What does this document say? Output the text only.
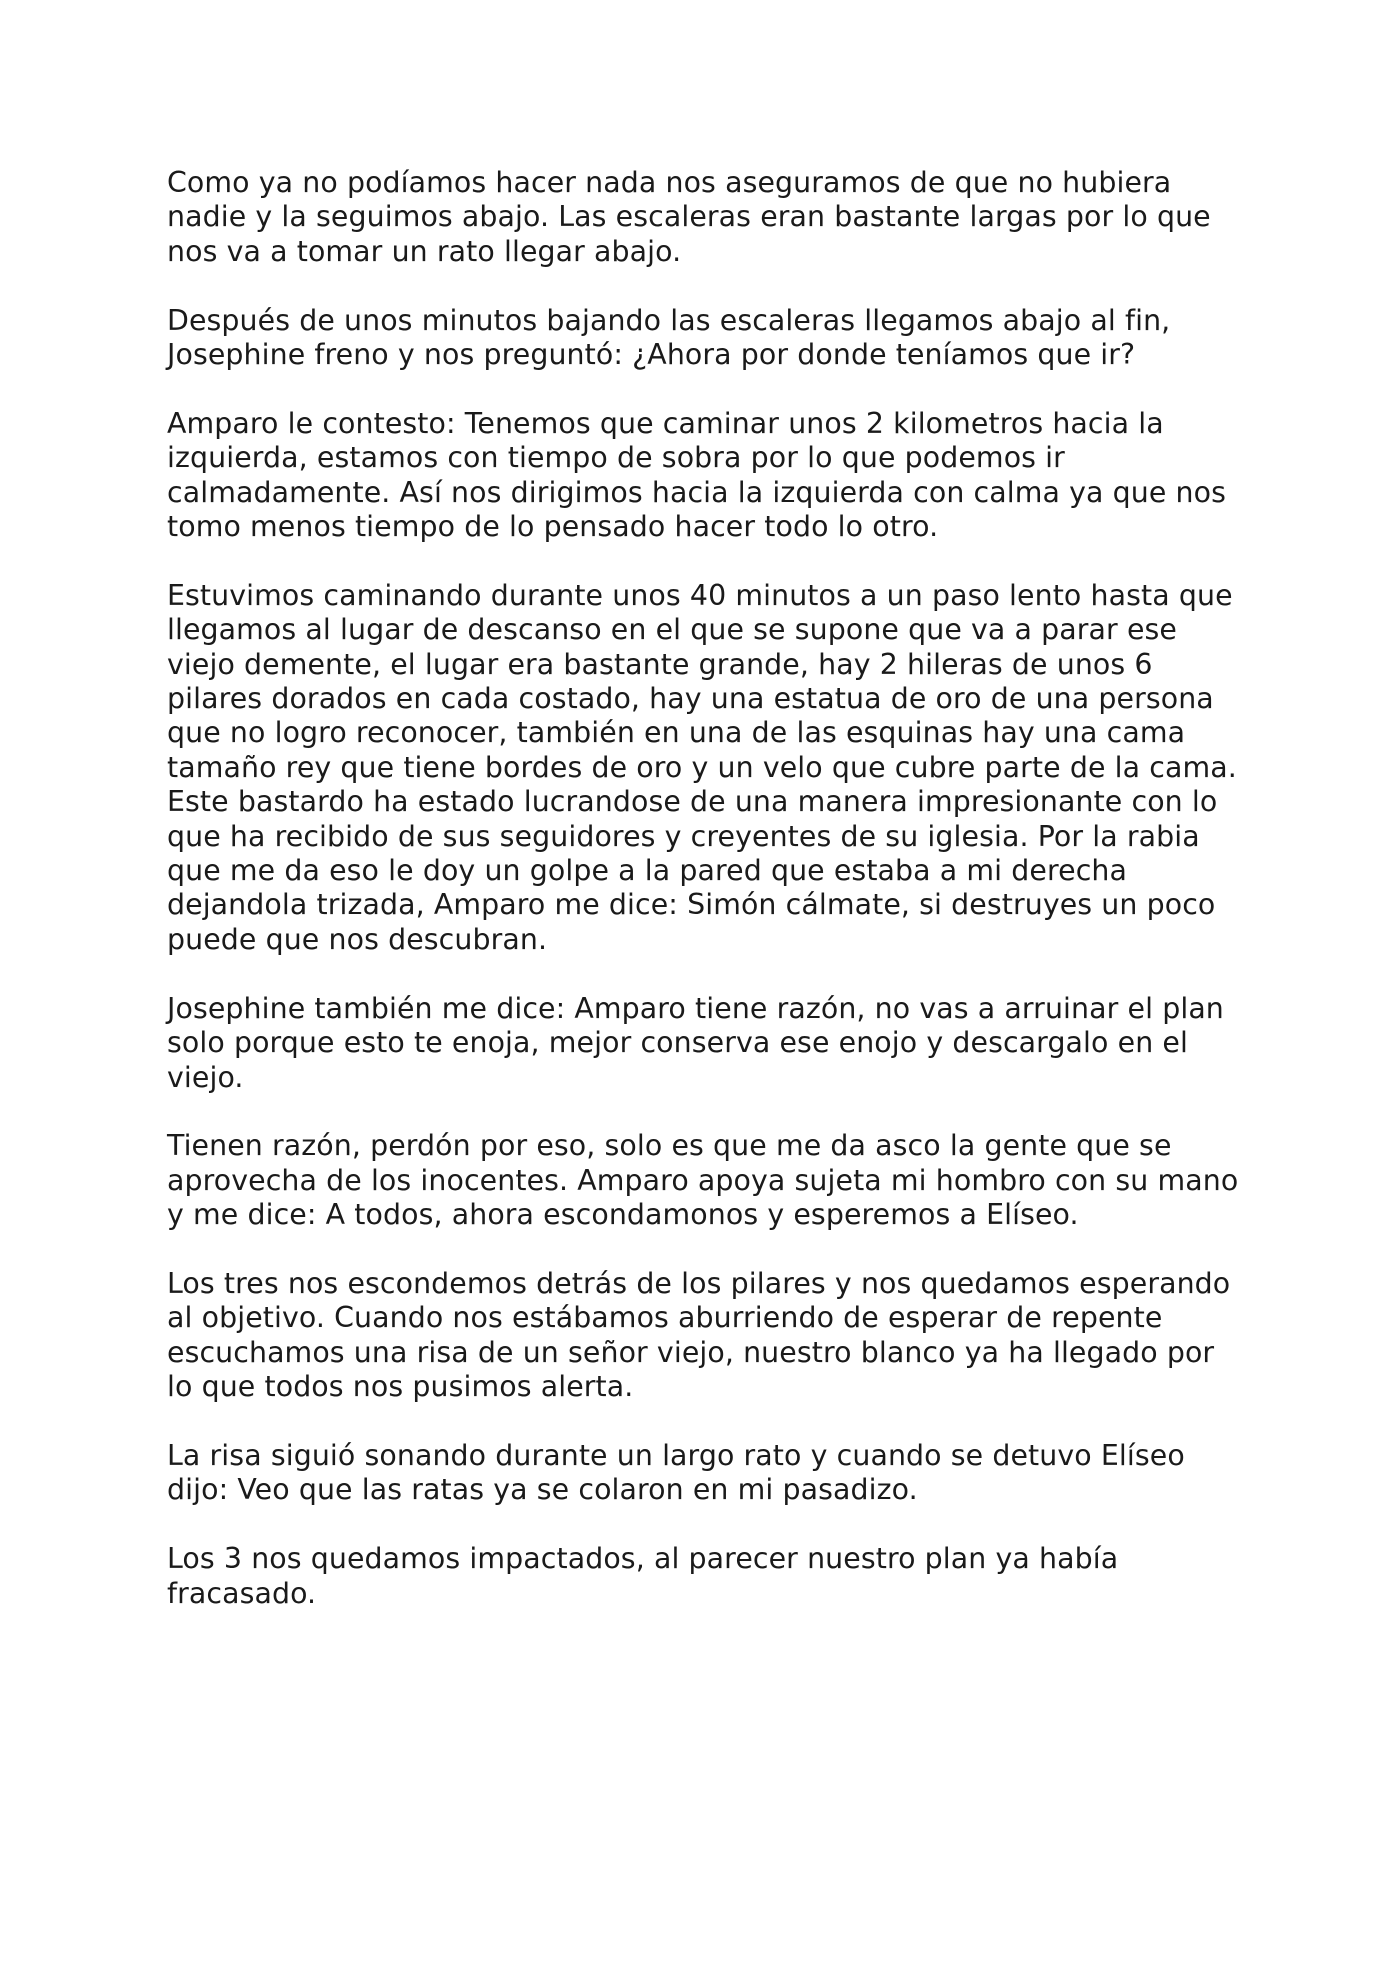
Como ya no podíamos hacer nada nos aseguramos de que no hubiera
nadie y la seguimos abajo. Las escaleras eran bastante largas por lo que
nos va a tomar un rato llegar abajo.

Después de unos minutos bajando las escaleras llegamos abajo al fin,
Josephine freno y nos preguntó: ¿Ahora por donde teníamos que ir?

Amparo le contesto: Tenemos que caminar unos 2 kilometros hacia la
izquierda, estamos con tiempo de sobra por lo que podemos ir
calmadamente. Así nos dirigimos hacia la izquierda con calma ya que nos
tomo menos tiempo de lo pensado hacer todo lo otro.

Estuvimos caminando durante unos 40 minutos a un paso lento hasta que
llegamos al lugar de descanso en el que se supone que va a parar ese
viejo demente, el lugar era bastante grande, hay 2 hileras de unos 6
pilares dorados en cada costado, hay una estatua de oro de una persona
que no logro reconocer, también en una de las esquinas hay una cama
tamaño rey que tiene bordes de oro y un velo que cubre parte de la cama.
Este bastardo ha estado lucrandose de una manera impresionante con lo
que ha recibido de sus seguidores y creyentes de su iglesia. Por la rabia
que me da eso le doy un golpe a la pared que estaba a mi derecha
dejandola trizada, Amparo me dice: Simón cálmate, si destruyes un poco
puede que nos descubran.

Josephine también me dice: Amparo tiene razón, no vas a arruinar el plan
solo porque esto te enoja, mejor conserva ese enojo y descargalo en el
viejo.

Tienen razón, perdón por eso, solo es que me da asco la gente que se
aprovecha de los inocentes. Amparo apoya sujeta mi hombro con su mano
y me dice: A todos, ahora escondamonos y esperemos a Elíseo.

Los tres nos escondemos detrás de los pilares y nos quedamos esperando
al objetivo. Cuando nos estábamos aburriendo de esperar de repente
escuchamos una risa de un señor viejo, nuestro blanco ya ha llegado por
lo que todos nos pusimos alerta.

La risa siguió sonando durante un largo rato y cuando se detuvo Elíseo
dijo: Veo que las ratas ya se colaron en mi pasadizo.

Los 3 nos quedamos impactados, al parecer nuestro plan ya había
fracasado.
